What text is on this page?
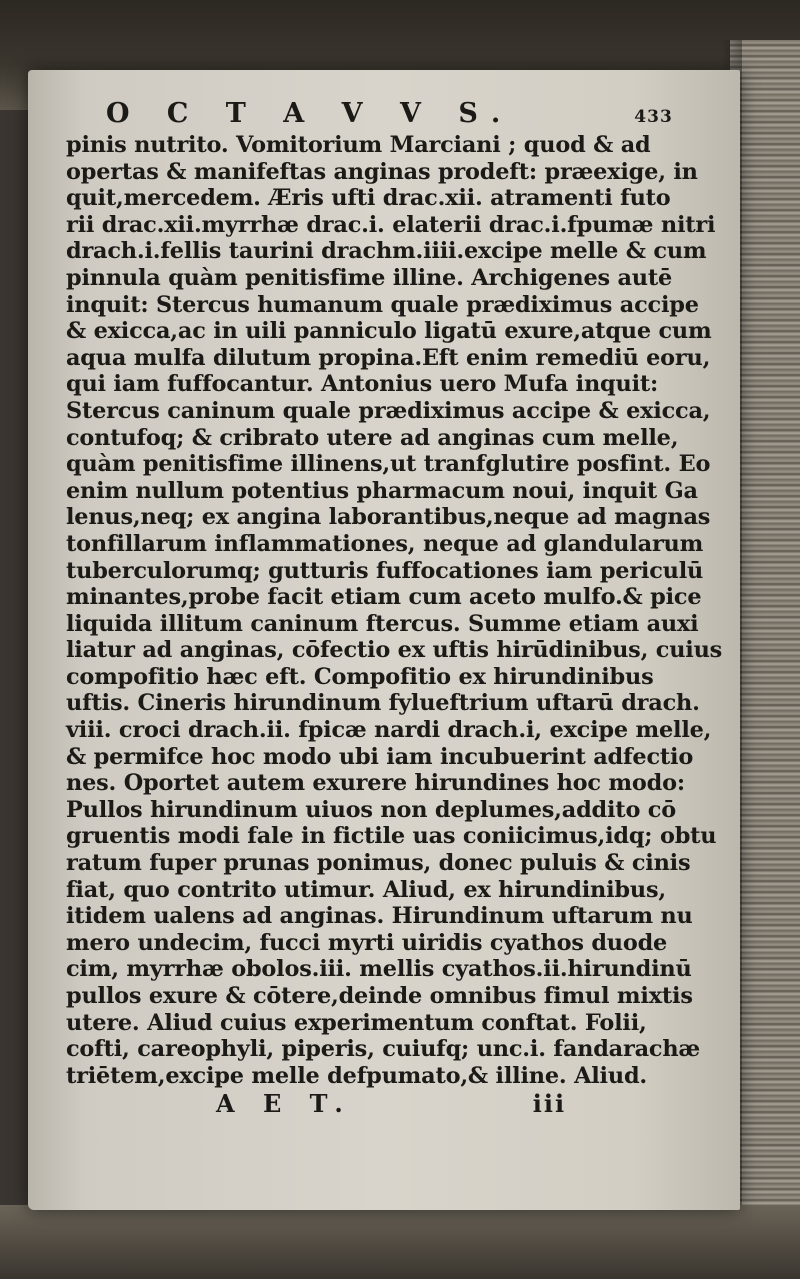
O C T A V V S.	433
pinis nutrito. Vomitorium Marciani ; quod & ad
opertas & manifeftas anginas prodeft: præexige, in
quit,mercedem. Æris ufti drac.xii. atramenti futo
rii drac.xii.myrrhæ drac.i. elaterii drac.i.fpumæ nitri
drach.i.fellis taurini drachm.iiii.excipe melle & cum
pinnula quàm penitisfime illine. Archigenes autē
inquit: Stercus humanum quale prædiximus accipe
& exicca,ac in uili panniculo ligatū exure,atque cum
aqua mulfa dilutum propina.Eft enim remediū eoru,
qui iam fuffocantur. Antonius uero Mufa inquit:
Stercus caninum quale prædiximus accipe & exicca,
contufoq; & cribrato utere ad anginas cum melle,
quàm penitisfime illinens,ut tranfglutire posfint. Eo
enim nullum potentius pharmacum noui, inquit Ga
lenus,neq; ex angina laborantibus,neque ad magnas
tonfillarum inflammationes, neque ad glandularum
tuberculorumq; gutturis fuffocationes iam periculū
minantes,probe facit etiam cum aceto mulfo.& pice
liquida illitum caninum ftercus. Summe etiam auxi
liatur ad anginas, cōfectio ex uftis hirūdinibus, cuius
compofitio hæc eft. Compofitio ex hirundinibus
uftis. Cineris hirundinum fylueftrium uftarū drach.
viii. croci drach.ii. fpicæ nardi drach.i, excipe melle,
& permifce hoc modo ubi iam incubuerint adfectio
nes. Oportet autem exurere hirundines hoc modo:
Pullos hirundinum uiuos non deplumes,addito cō
gruentis modi fale in fictile uas coniicimus,idq; obtu
ratum fuper prunas ponimus, donec puluis & cinis
fiat, quo contrito utimur. Aliud, ex hirundinibus,
itidem ualens ad anginas. Hirundinum uftarum nu
mero undecim, fucci myrti uiridis cyathos duode
cim, myrrhæ obolos.iii. mellis cyathos.ii.hirundinū
pullos exure & cōtere,deinde omnibus fimul mixtis
utere. Aliud cuius experimentum conftat. Folii,
cofti, careophyli, piperis, cuiufq; unc.i. fandarachæ
triētem,excipe melle defpumato,& illine. Aliud.
A E T.	iii
